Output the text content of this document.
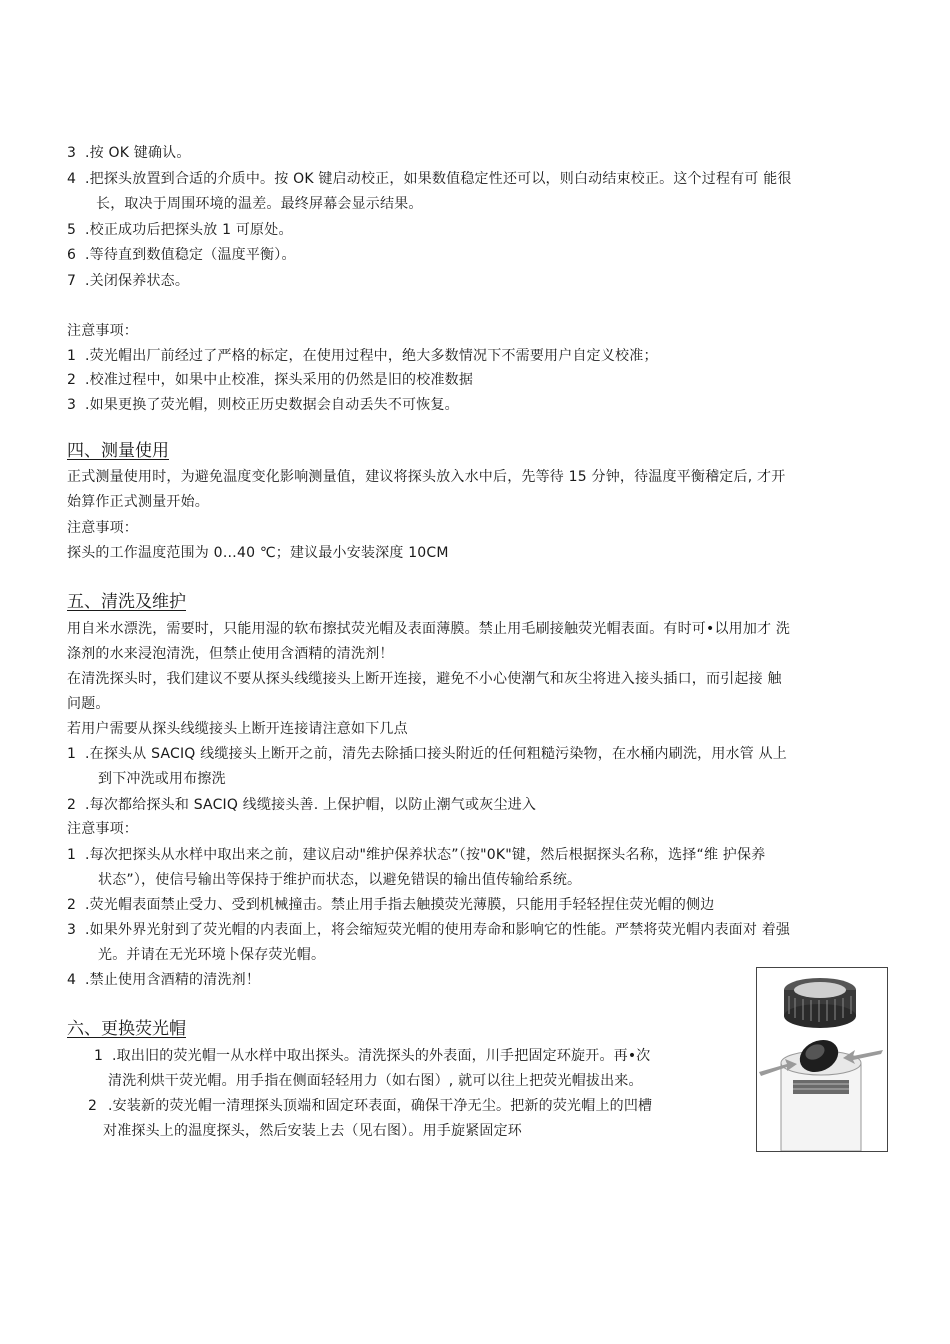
3 .按 OK 键确认。
4 .把探头放置到合适的介质中。按 OK 键启动校正，如果数值稳定性还可以，则白动结束校正。这个过程有可 能很
长，取决于周围环境的温差。最终屏幕会显示结果。
5 .校正成功后把探头放 1 可原处。
6 .等待直到数值稳定（温度平衡）。
7 .关闭保养状态。
注意事项：
1 .荧光帽出厂前经过了严格的标定，在使用过程中，绝大多数情况下不需要用户自定义校准；
2 .校准过程中，如果中止校准，探头采用的仍然是旧的校准数据
3 .如果更换了荧光帽，则校正历史数据会自动丢失不可恢复。
四、测量使用
正式测量使用时，为避免温度变化影响测量值，建议将探头放入水中后，先等待 15 分钟，待温度平衡稽定后, 才开
始算作正式测量开始。
注意事项：
探头的工作温度范围为 0…40 ℃；建议最小安装深度 10CM
五、清洗及维护
用自米水漂洗，需要时，只能用湿的软布擦拭荧光帽及表面薄膜。禁止用毛刷接触荧光帽表面。有时可•以用加才 洗
涤剂的水来浸泡清洗，但禁止使用含酒精的清洗剂！
在清洗探头时，我们建议不要从探头线缆接头上断开连接，避免不小心使潮气和灰尘将进入接头插口，而引起接 触
问题。
若用户需要从探头线缆接头上断开连接请注意如下几点
1 .在探头从 SACIQ 线缆接头上断开之前，清先去除插口接头附近的任何粗糙污染物，在水桶内刷洗，用水管 从上
到下冲洗或用布擦洗
2 .每次都给探头和 SACIQ 线缆接头善. 上保护帽，以防止潮气或灰尘进入
注意事项：
1 .每次把探头从水样中取出来之前，建议启动"维护保养状态”（按"0K"键，然后根据探头名称，选择“维 护保养
状态”），使信号输出等保持于维护而状态，以避免错误的输出值传输给系统。
2 .荧光帽表面禁止受力、受到机械撞击。禁止用手指去触摸荧光薄膜，只能用手轻轻捏住荧光帽的侧边
3 .如果外界光射到了荧光帽的内表面上，将会缩短荧光帽的使用寿命和影响它的性能。严禁将荧光帽内表面对 着强
光。并请在无光环境卜保存荧光帽。
4 .禁止使用含酒精的清洗剂！
六、更换荧光帽
1 .取出旧的荧光帽一从水样中取出探头。清洗探头的外表面，川手把固定环旋开。再•次
清洗利烘干荧光帽。用手指在侧面轻轻用力（如右图）, 就可以往上把荧光帽拔出来。
2 .安装新的荧光帽一清理探头顶端和固定环表面，确保干净无尘。把新的荧光帽上的凹槽
对准探头上的温度探头，然后安装上去（见右图）。用手旋紧固定环
